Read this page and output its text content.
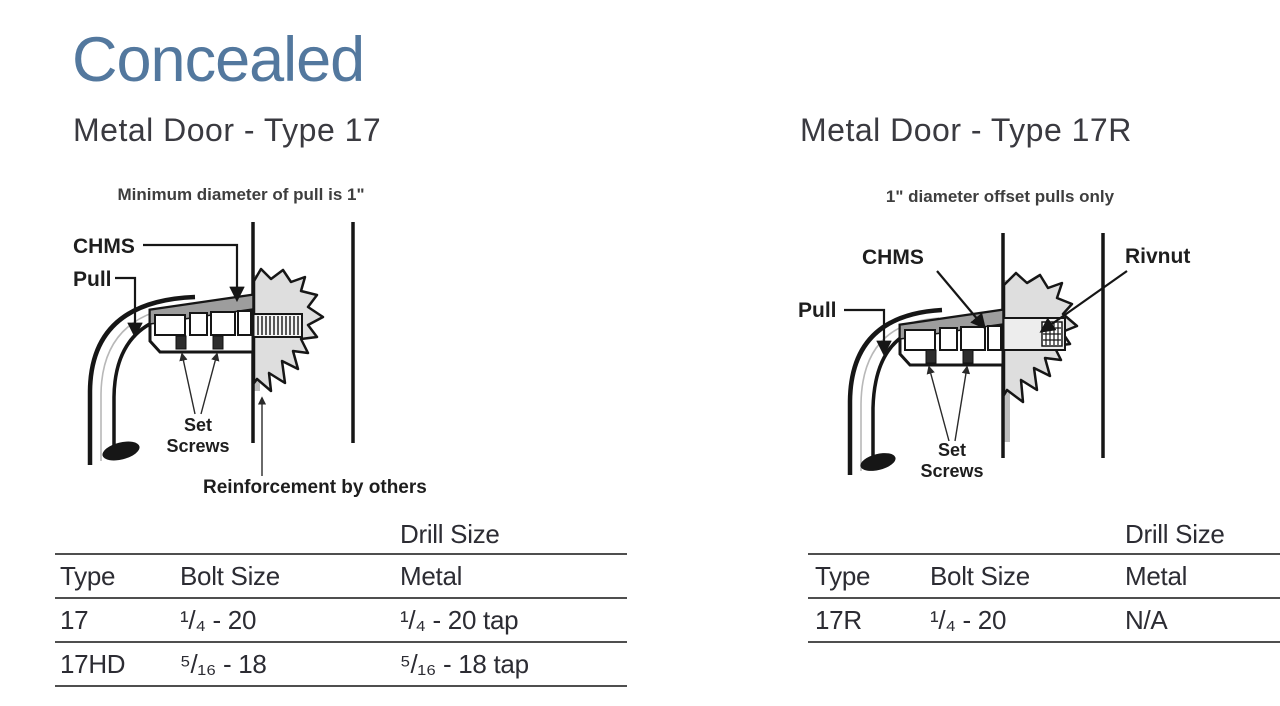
Concealed
Metal Door - Type 17	Metal Door - Type 17R
Minimum diameter of pull is 1"
CHMS
Pull
Set
Screws
Reinforcement by others
1" diameter offset pulls only
CHMS	Rivnut
Pull
Set
Screws
Drill Size
Type	Bolt Size	Metal
17	¹/₄ - 20	¹/₄ - 20 tap
17HD	⁵/₁₆ - 18	⁵/₁₆ - 18 tap
Drill Size
Type	Bolt Size	Metal
17R	¹/₄ - 20	N/A
